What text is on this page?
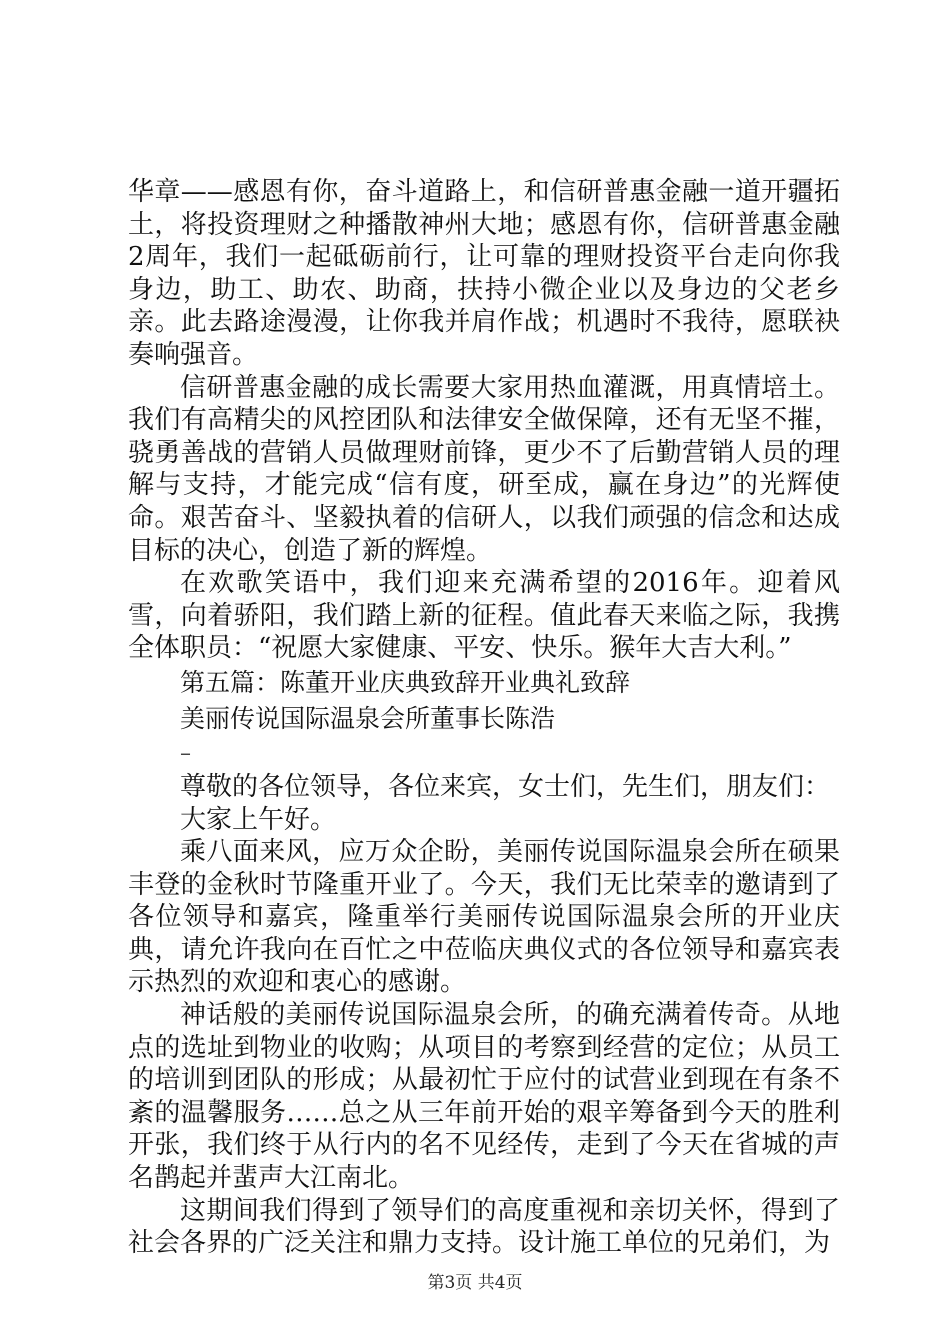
华章——感恩有你，奋斗道路上，和信研普惠金融一道开疆拓土，将投资理财之种播散神州大地；感恩有你，信研普惠金融2周年，我们一起砥砺前行，让可靠的理财投资平台走向你我身边，助工、助农、助商，扶持小微企业以及身边的父老乡亲。此去路途漫漫，让你我并肩作战；机遇时不我待，愿联袂奏响强音。

信研普惠金融的成长需要大家用热血灌溉，用真情培土。我们有高精尖的风控团队和法律安全做保障，还有无坚不摧，骁勇善战的营销人员做理财前锋，更少不了后勤营销人员的理解与支持，才能完成“信有度，研至成，赢在身边”的光辉使命。艰苦奋斗、坚毅执着的信研人，以我们顽强的信念和达成目标的决心，创造了新的辉煌。

在欢歌笑语中，我们迎来充满希望的2016年。迎着风雪，向着骄阳，我们踏上新的征程。值此春天来临之际，我携全体职员：“祝愿大家健康、平安、快乐。猴年大吉大利。”

第五篇：陈董开业庆典致辞开业典礼致辞

美丽传说国际温泉会所董事长陈浩

–

尊敬的各位领导，各位来宾，女士们，先生们，朋友们：

大家上午好。

乘八面来风，应万众企盼，美丽传说国际温泉会所在硕果丰登的金秋时节隆重开业了。今天，我们无比荣幸的邀请到了各位领导和嘉宾，隆重举行美丽传说国际温泉会所的开业庆典，请允许我向在百忙之中莅临庆典仪式的各位领导和嘉宾表示热烈的欢迎和衷心的感谢。

神话般的美丽传说国际温泉会所，的确充满着传奇。从地点的选址到物业的收购；从项目的考察到经营的定位；从员工的培训到团队的形成；从最初忙于应付的试营业到现在有条不紊的温馨服务……总之从三年前开始的艰辛筹备到今天的胜利开张，我们终于从行内的名不见经传，走到了今天在省城的声名鹊起并蜚声大江南北。

这期间我们得到了领导们的高度重视和亲切关怀，得到了社会各界的广泛关注和鼎力支持。设计施工单位的兄弟们，为

第3页 共4页
